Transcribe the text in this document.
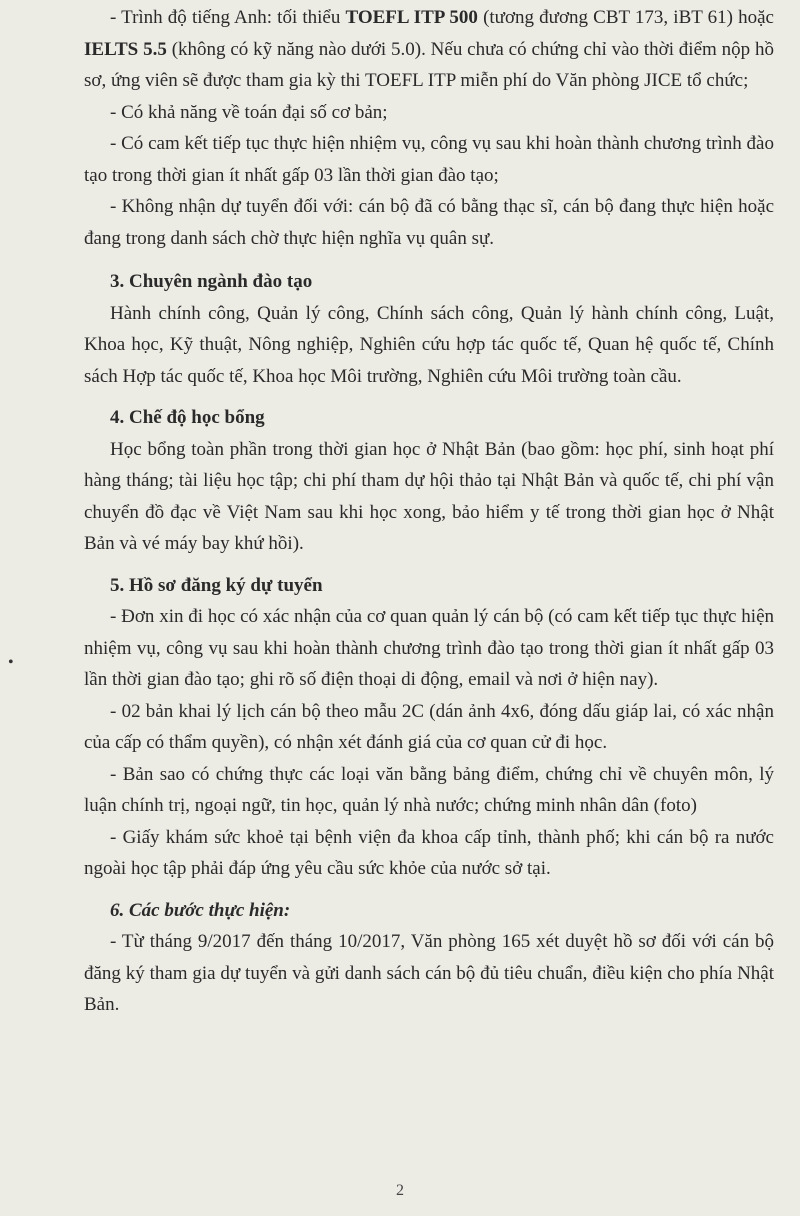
•

- Trình độ tiếng Anh: tối thiểu TOEFL ITP 500 (tương đương CBT 173, iBT 61) hoặc IELTS 5.5 (không có kỹ năng nào dưới 5.0). Nếu chưa có chứng chỉ vào thời điểm nộp hồ sơ, ứng viên sẽ được tham gia kỳ thi TOEFL ITP miễn phí do Văn phòng JICE tổ chức;

- Có khả năng về toán đại số cơ bản;

- Có cam kết tiếp tục thực hiện nhiệm vụ, công vụ sau khi hoàn thành chương trình đào tạo trong thời gian ít nhất gấp 03 lần thời gian đào tạo;

- Không nhận dự tuyển đối với: cán bộ đã có bằng thạc sĩ, cán bộ đang thực hiện hoặc đang trong danh sách chờ thực hiện nghĩa vụ quân sự.

3. Chuyên ngành đào tạo

Hành chính công, Quản lý công, Chính sách công, Quản lý hành chính công, Luật, Khoa học, Kỹ thuật, Nông nghiệp, Nghiên cứu hợp tác quốc tế, Quan hệ quốc tế, Chính sách Hợp tác quốc tế, Khoa học Môi trường, Nghiên cứu Môi trường toàn cầu.

4. Chế độ học bổng

Học bổng toàn phần trong thời gian học ở Nhật Bản (bao gồm: học phí, sinh hoạt phí hàng tháng; tài liệu học tập; chi phí tham dự hội thảo tại Nhật Bản và quốc tế, chi phí vận chuyển đồ đạc về Việt Nam sau khi học xong, bảo hiểm y tế trong thời gian học ở Nhật Bản và vé máy bay khứ hồi).

5. Hồ sơ đăng ký dự tuyển

- Đơn xin đi học có xác nhận của cơ quan quản lý cán bộ (có cam kết tiếp tục thực hiện nhiệm vụ, công vụ sau khi hoàn thành chương trình đào tạo trong thời gian ít nhất gấp 03 lần thời gian đào tạo; ghi rõ số điện thoại di động, email và nơi ở hiện nay).

- 02 bản khai lý lịch cán bộ theo mẫu 2C (dán ảnh 4x6, đóng dấu giáp lai, có xác nhận của cấp có thẩm quyền), có nhận xét đánh giá của cơ quan cử đi học.

- Bản sao có chứng thực các loại văn bằng bảng điểm, chứng chỉ về chuyên môn, lý luận chính trị, ngoại ngữ, tin học, quản lý nhà nước; chứng minh nhân dân (foto)

- Giấy khám sức khoẻ tại bệnh viện đa khoa cấp tỉnh, thành phố; khi cán bộ ra nước ngoài học tập phải đáp ứng yêu cầu sức khỏe của nước sở tại.

6. Các bước thực hiện:

- Từ tháng 9/2017 đến tháng 10/2017, Văn phòng 165 xét duyệt hồ sơ đối với cán bộ đăng ký tham gia dự tuyển và gửi danh sách cán bộ đủ tiêu chuẩn, điều kiện cho phía Nhật Bản.

2
